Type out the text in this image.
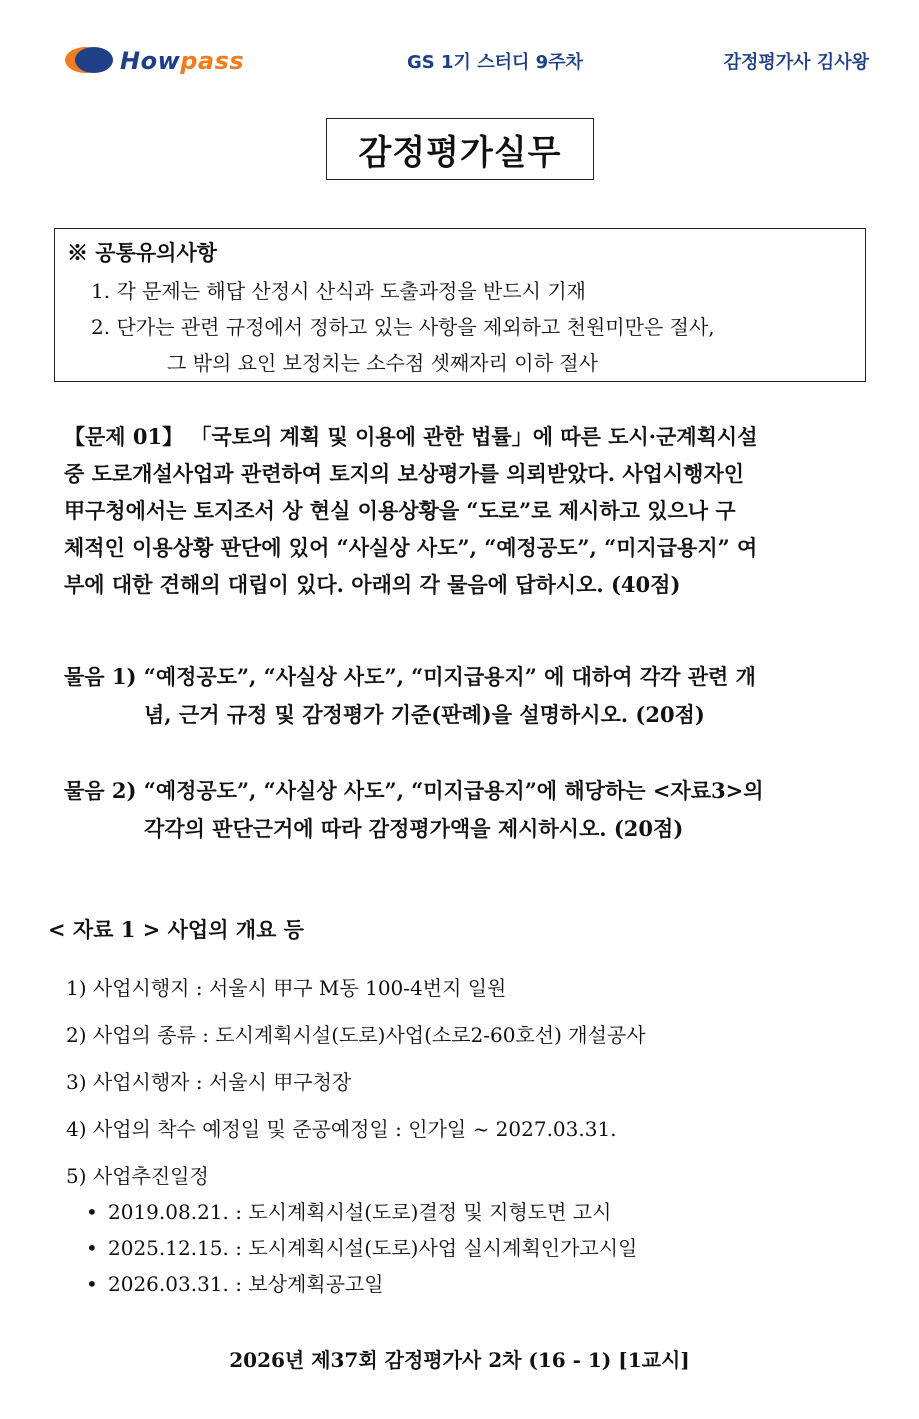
Howpass	GS 1기 스터디 9주차	감정평가사 김사왕
감정평가실무
※ 공통유의사항
1. 각 문제는 해답 산정시 산식과 도출과정을 반드시 기재
2. 단가는 관련 규정에서 정하고 있는 사항을 제외하고 천원미만은 절사,
그 밖의 요인 보정치는 소수점 셋째자리 이하 절사
【문제 01】 「국토의 계획 및 이용에 관한 법률」에 따른 도시·군계획시설
중 도로개설사업과 관련하여 토지의 보상평가를 의뢰받았다. 사업시행자인
甲구청에서는 토지조서 상 현실 이용상황을 “도로”로 제시하고 있으나 구
체적인 이용상황 판단에 있어 “사실상 사도”, “예정공도”, “미지급용지” 여
부에 대한 견해의 대립이 있다. 아래의 각 물음에 답하시오. (40점)
물음 1) “예정공도”, “사실상 사도”, “미지급용지” 에 대하여 각각 관련 개
념, 근거 규정 및 감정평가 기준(판례)을 설명하시오. (20점)
물음 2) “예정공도”, “사실상 사도”, “미지급용지”에 해당하는 <자료3>의
각각의 판단근거에 따라 감정평가액을 제시하시오. (20점)
< 자료 1 > 사업의 개요 등
1) 사업시행지 : 서울시 甲구 M동 100-4번지 일원
2) 사업의 종류 : 도시계획시설(도로)사업(소로2-60호선) 개설공사
3) 사업시행자 : 서울시 甲구청장
4) 사업의 착수 예정일 및 준공예정일 : 인가일 ~ 2027.03.31.
5) 사업추진일정
• 2019.08.21. : 도시계획시설(도로)결정 및 지형도면 고시
• 2025.12.15. : 도시계획시설(도로)사업 실시계획인가고시일
• 2026.03.31. : 보상계획공고일
2026년 제37회 감정평가사 2차 (16 - 1) [1교시]
